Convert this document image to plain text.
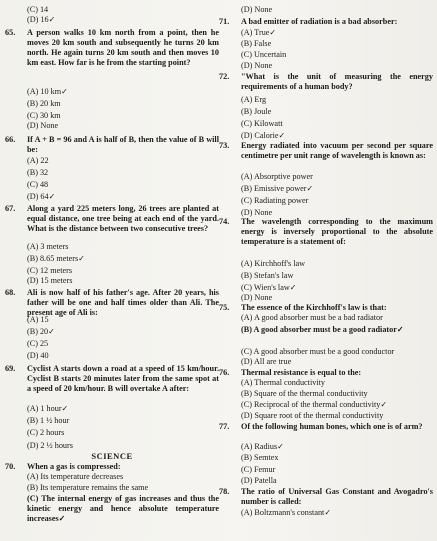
(C) 14
(D) 16✓
65.	A person walks 10 km north from a point, then he moves 20 km south and subsequently he turns 20 km north. He again turns 20 km south and then moves 10 km east. How far is he from the starting point?
(A) 10 km✓
(B) 20 km
(C) 30 km
(D) None
66.	If A + B = 96 and A is half of B, then the value of B will be:
(A) 22
(B) 32
(C) 48
(D) 64✓
67.	Along a yard 225 meters long, 26 trees are planted at equal distance, one tree being at each end of the yard. What is the distance between two consecutive trees?
(A) 3 meters
(B) 8.65 meters✓
(C) 12 meters
(D) 15 meters
68.	Ali is now half of his father's age. After 20 years, his father will be one and half times older than Ali. The present age of Ali is:
(A) 15
(B) 20✓
(C) 25
(D) 40
69.	Cyclist A starts down a road at a speed of 15 km/hour. Cyclist B starts 20 minutes later from the same spot at a speed of 20 km/hour. B will overtake A after:
(A) 1 hour✓
(B) 1 ½ hour
(C) 2 hours
(D) 2 ½ hours
SCIENCE
70.	When a gas is compressed:
(A) Its temperature decreases
(B) Its temperature remains the same
(C) The internal energy of gas increases and thus the kinetic energy and hence absolute temperature increases✓
(D) None
71.	A bad emitter of radiation is a bad absorber:
(A) True✓
(B) False
(C) Uncertain
(D) None
72.	"What is the unit of measuring the energy requirements of a human body?
(A) Erg
(B) Joule
(C) Kilowatt
(D) Calorie✓
73.	Energy radiated into vacuum per second per square centimetre per unit range of wavelength is known as:
(A) Absorptive power
(B) Emissive power✓
(C) Radiating power
(D) None
74.	The wavelength corresponding to the maximum energy is inversely proportional to the absolute temperature is a statement of:
(A) Kirchhoff's law
(B) Stefan's law
(C) Wien's law✓
(D) None
75.	The essence of the Kirchhoff's law is that:
(A) A good absorber must be a bad radiator
(B) A good absorber must be a good radiator✓
(C) A good absorber must be a good conductor
(D) All are true
76.	Thermal resistance is equal to the:
(A) Thermal conductivity
(B) Square of the thermal conductivity
(C) Reciprocal of the thermal conductivity✓
(D) Square root of the thermal conductivity
77.	Of the following human bones, which one is of arm?
(A) Radius✓
(B) Semtex
(C) Femur
(D) Patella
78.	The ratio of Universal Gas Constant and Avogadro's number is called:
(A) Boltzmann's constant✓
